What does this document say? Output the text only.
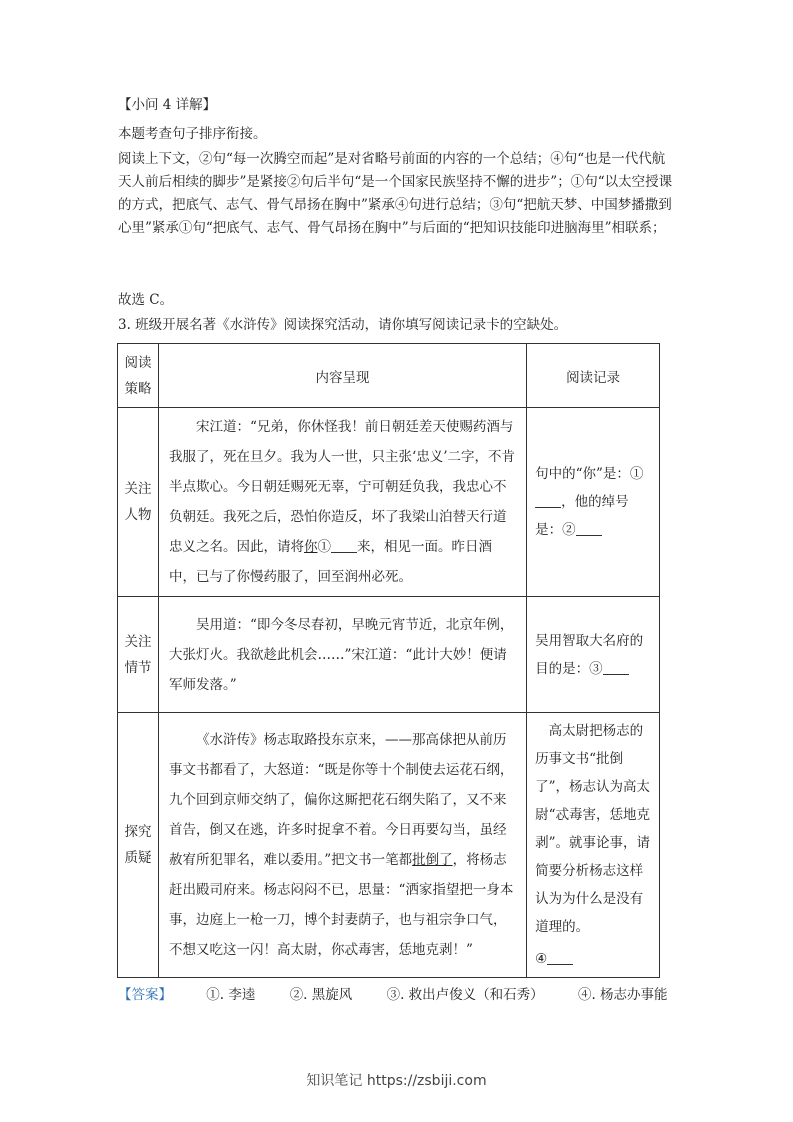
【小问 4 详解】
本题考查句子排序衔接。
阅读上下文，②句“每一次腾空而起”是对省略号前面的内容的一个总结；④句“也是一代代航天人前后相续的脚步”是紧接②句后半句“是一个国家民族坚持不懈的进步”；①句“以太空授课的方式，把底气、志气、骨气昂扬在胸中”紧承④句进行总结；③句“把航天梦、中国梦播撒到心里”紧承①句“把底气、志气、骨气昂扬在胸中”与后面的“把知识技能印进脑海里”相联系；
故选 C。
3. 班级开展名著《水浒传》阅读探究活动，请你填写阅读记录卡的空缺处。
阅读策略	内容呈现	阅读记录

关注人物	宋江道：“兄弟，你休怪我！前日朝廷差天使赐药酒与我服了，死在旦夕。我为人一世，只主张‘忠义’二字，不肯半点欺心。今日朝廷赐死无辜，宁可朝廷负我，我忠心不负朝廷。我死之后，恐怕你造反，坏了我梁山泊替天行道忠义之名。因此，请将你① 来，相见一面。昨日酒中，已与了你慢药服了，回至润州必死。	句中的“你”是：①，他的绰号是：②

关注情节	吴用道：“即今冬尽春初，早晚元宵节近，北京年例，大张灯火。我欲趁此机会……”宋江道：“此计大妙！便请军师发落。”	吴用智取大名府的目的是：③

探究质疑	《水浒传》杨志取路投东京来，——那高俅把从前历事文书都看了，大怒道：“既是你等十个制使去运花石纲，九个回到京师交纳了，偏你这厮把花石纲失陷了，又不来首告，倒又在逃，许多时捉拿不着。今日再要勾当，虽经赦宥所犯罪名，难以委用。”把文书一笔都批倒了，将杨志赶出殿司府来。杨志闷闷不已，思量：“洒家指望把一身本事，边庭上一枪一刀，博个封妻荫子，也与祖宗争口气，不想又吃这一闪！高太尉，你忒毒害，恁地克剥！”	高太尉把杨志的历事文书“批倒了”，杨志认为高太尉“忒毒害，恁地克剥”。就事论事，请简要分析杨志这样认为为什么是没有道理的。
④
【答案】	①. 李逵	②. 黑旋风	③. 救出卢俊义（和石秀）	④. 杨志办事能
知识笔记 https://zsbiji.com
